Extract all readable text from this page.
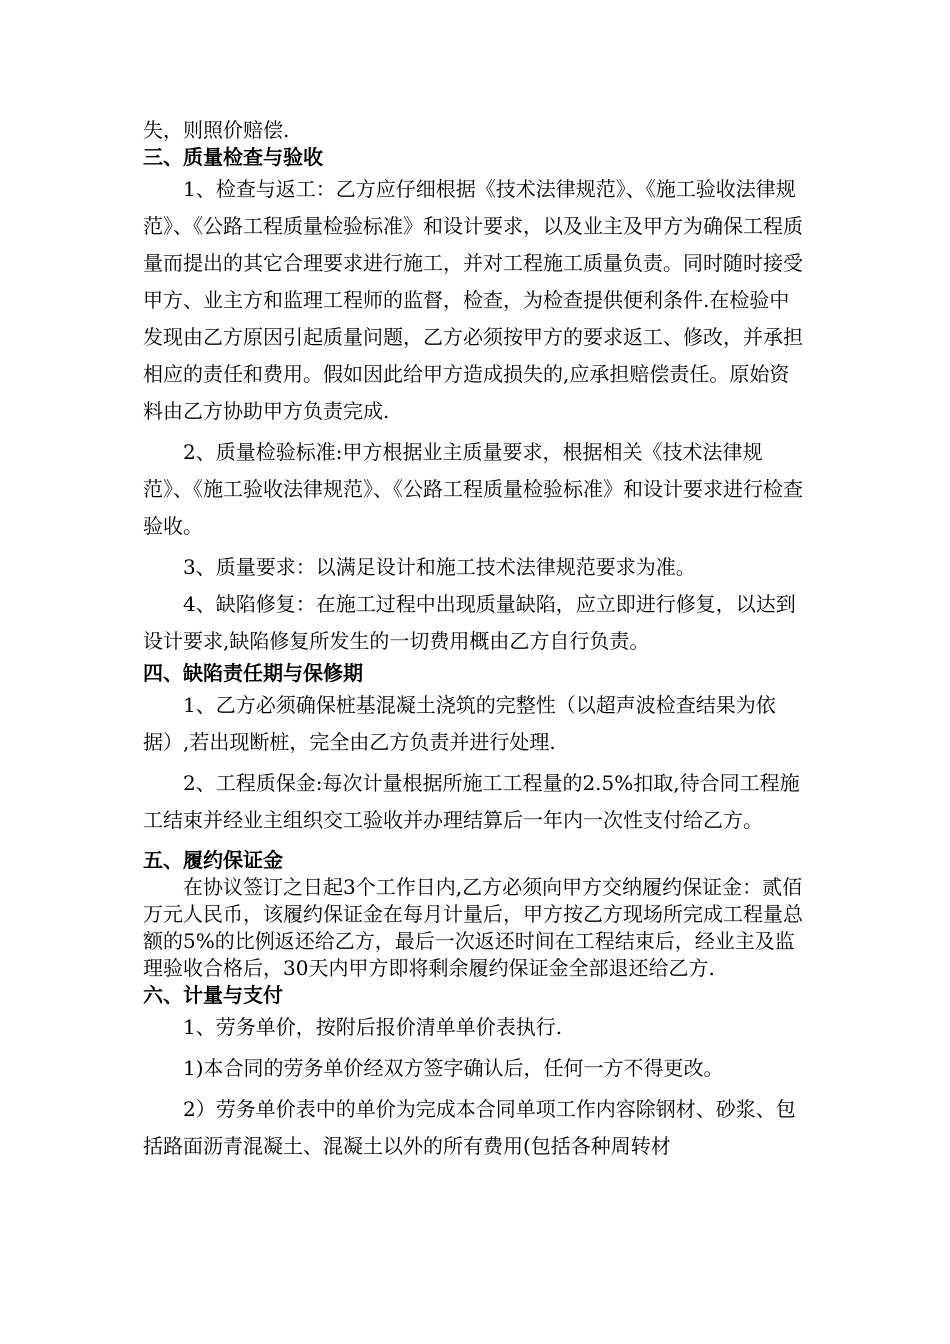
失，则照价赔偿.

三、质量检查与验收

1、检查与返工：乙方应仔细根据《技术法律规范》、《施工验收法律规范》、《公路工程质量检验标准》和设计要求，以及业主及甲方为确保工程质量而提出的其它合理要求进行施工，并对工程施工质量负责。同时随时接受甲方、业主方和监理工程师的监督，检查，为检查提供便利条件.在检验中发现由乙方原因引起质量问题，乙方必须按甲方的要求返工、修改，并承担相应的责任和费用。假如因此给甲方造成损失的,应承担赔偿责任。原始资料由乙方协助甲方负责完成.

2、质量检验标准:甲方根据业主质量要求，根据相关《技术法律规范》、《施工验收法律规范》、《公路工程质量检验标准》和设计要求进行检查验收。

3、质量要求：以满足设计和施工技术法律规范要求为准。

4、缺陷修复：在施工过程中出现质量缺陷，应立即进行修复，以达到设计要求,缺陷修复所发生的一切费用概由乙方自行负责。

四、缺陷责任期与保修期

1、乙方必须确保桩基混凝土浇筑的完整性（以超声波检查结果为依据）,若出现断桩，完全由乙方负责并进行处理.

2、工程质保金:每次计量根据所施工工程量的2.5%扣取,待合同工程施工结束并经业主组织交工验收并办理结算后一年内一次性支付给乙方。

五、履约保证金

在协议签订之日起3个工作日内,乙方必须向甲方交纳履约保证金：贰佰万元人民币，该履约保证金在每月计量后，甲方按乙方现场所完成工程量总额的5%的比例返还给乙方，最后一次返还时间在工程结束后，经业主及监理验收合格后，30天内甲方即将剩余履约保证金全部退还给乙方.

六、计量与支付

1、劳务单价，按附后报价清单单价表执行.

1)本合同的劳务单价经双方签字确认后，任何一方不得更改。

2）劳务单价表中的单价为完成本合同单项工作内容除钢材、砂浆、包括路面沥青混凝土、混凝土以外的所有费用(包括各种周转材
